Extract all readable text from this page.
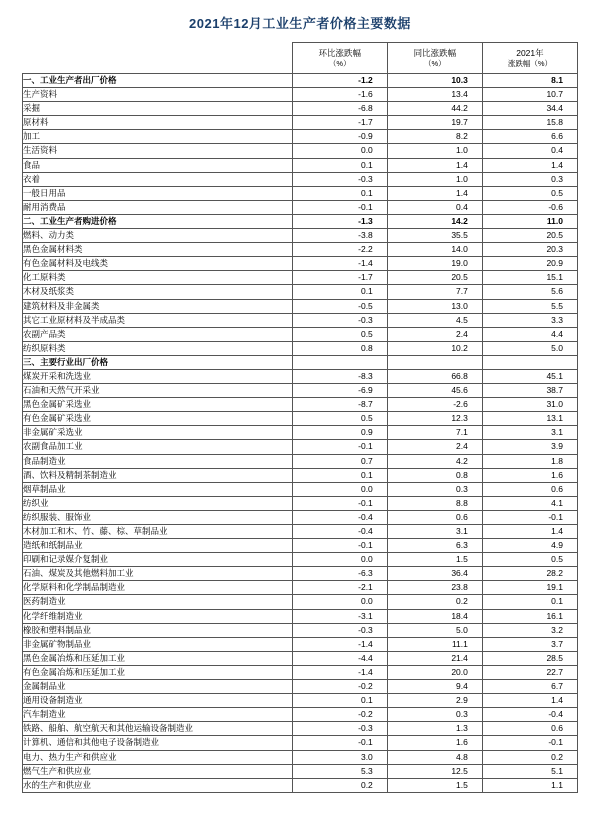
2021年12月工业生产者价格主要数据

环比涨跌幅
（%）

同比涨跌幅
（%）

2021年
涨跌幅（%）

一、工业生产者出厂价格	-1.2	10.3	8.1
生产资料	-1.6	13.4	10.7
采掘	-6.8	44.2	34.4
原材料	-1.7	19.7	15.8
加工	-0.9	8.2	6.6
生活资料	0.0	1.0	0.4
食品	0.1	1.4	1.4
衣着	-0.3	1.0	0.3
一般日用品	0.1	1.4	0.5
耐用消费品	-0.1	0.4	-0.6
二、工业生产者购进价格	-1.3	14.2	11.0
燃料、动力类	-3.8	35.5	20.5
黑色金属材料类	-2.2	14.0	20.3
有色金属材料及电线类	-1.4	19.0	20.9
化工原料类	-1.7	20.5	15.1
木材及纸浆类	0.1	7.7	5.6
建筑材料及非金属类	-0.5	13.0	5.5
其它工业原材料及半成品类	-0.3	4.5	3.3
农副产品类	0.5	2.4	4.4
纺织原料类	0.8	10.2	5.0
三、主要行业出厂价格			
煤炭开采和洗选业	-8.3	66.8	45.1
石油和天然气开采业	-6.9	45.6	38.7
黑色金属矿采选业	-8.7	-2.6	31.0
有色金属矿采选业	0.5	12.3	13.1
非金属矿采选业	0.9	7.1	3.1
农副食品加工业	-0.1	2.4	3.9
食品制造业	0.7	4.2	1.8
酒、饮料及精制茶制造业	0.1	0.8	1.6
烟草制品业	0.0	0.3	0.6
纺织业	-0.1	8.8	4.1
纺织服装、服饰业	-0.4	0.6	-0.1
木材加工和木、竹、藤、棕、草制品业	-0.4	3.1	1.4
造纸和纸制品业	-0.1	6.3	4.9
印刷和记录媒介复制业	0.0	1.5	0.5
石油、煤炭及其他燃料加工业	-6.3	36.4	28.2
化学原料和化学制品制造业	-2.1	23.8	19.1
医药制造业	0.0	0.2	0.1
化学纤维制造业	-3.1	18.4	16.1
橡胶和塑料制品业	-0.3	5.0	3.2
非金属矿物制品业	-1.4	11.1	3.7
黑色金属冶炼和压延加工业	-4.4	21.4	28.5
有色金属冶炼和压延加工业	-1.4	20.0	22.7
金属制品业	-0.2	9.4	6.7
通用设备制造业	0.1	2.9	1.4
汽车制造业	-0.2	0.3	-0.4
铁路、船舶、航空航天和其他运输设备制造业	-0.3	1.3	0.6
计算机、通信和其他电子设备制造业	-0.1	1.6	-0.1
电力、热力生产和供应业	3.0	4.8	0.2
燃气生产和供应业	5.3	12.5	5.1
水的生产和供应业	0.2	1.5	1.1
